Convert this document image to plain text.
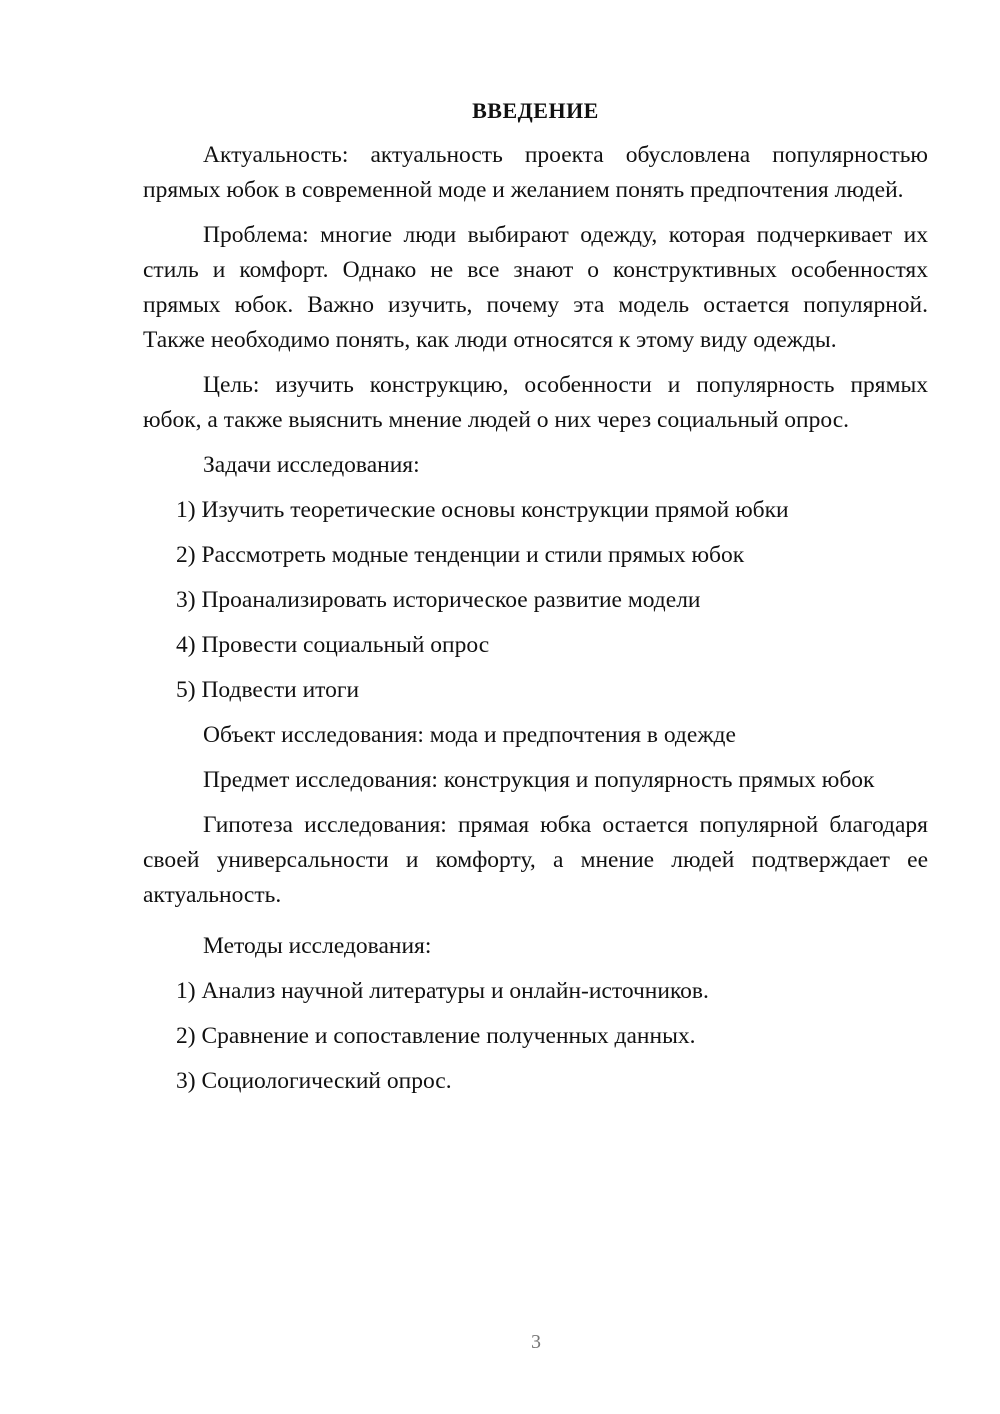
ВВЕДЕНИЕ

Актуальность: актуальность проекта обусловлена популярностью прямых юбок в современной моде и желанием понять предпочтения людей.

Проблема: многие люди выбирают одежду, которая подчеркивает их стиль и комфорт. Однако не все знают о конструктивных особенностях прямых юбок. Важно изучить, почему эта модель остается популярной. Также необходимо понять, как люди относятся к этому виду одежды.

Цель: изучить конструкцию, особенности и популярность прямых юбок, а также выяснить мнение людей о них через социальный опрос.

Задачи исследования:

1) Изучить теоретические основы конструкции прямой юбки
2) Рассмотреть модные тенденции и стили прямых юбок
3) Проанализировать историческое развитие модели
4) Провести социальный опрос
5) Подвести итоги

Объект исследования: мода и предпочтения в одежде

Предмет исследования: конструкция и популярность прямых юбок

Гипотеза исследования: прямая юбка остается популярной благодаря своей универсальности и комфорту, а мнение людей подтверждает ее актуальность.

Методы исследования:

1) Анализ научной литературы и онлайн-источников.
2) Сравнение и сопоставление полученных данных.
3) Социологический опрос.
3
